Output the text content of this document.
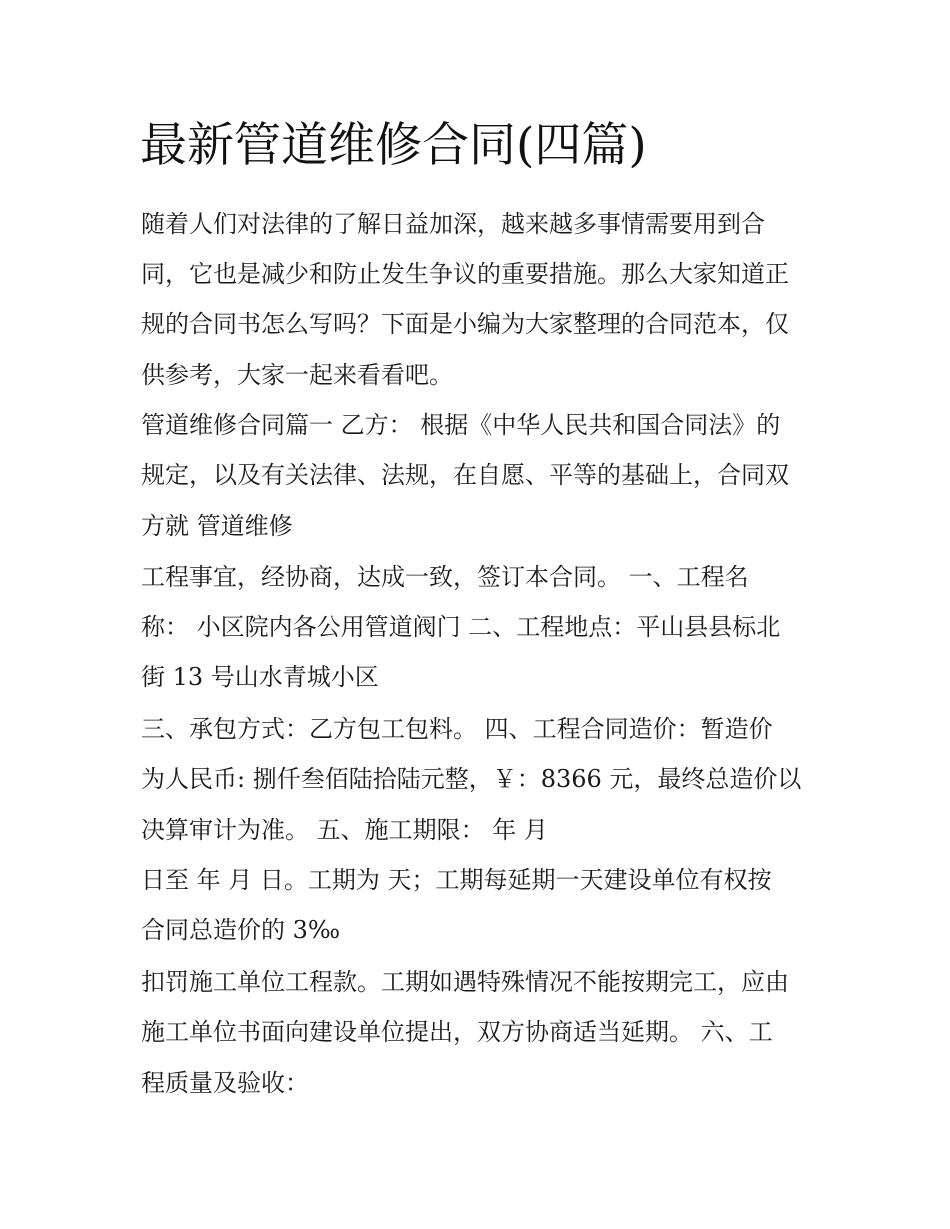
最新管道维修合同(四篇)

随着人们对法律的了解日益加深，越来越多事情需要用到合

同，它也是减少和防止发生争议的重要措施。那么大家知道正

规的合同书怎么写吗？下面是小编为大家整理的合同范本，仅

供参考，大家一起来看看吧。

管道维修合同篇一 乙方： 根据《中华人民共和国合同法》的

规定，以及有关法律、法规，在自愿、平等的基础上，合同双

方就 管道维修

工程事宜，经协商，达成一致，签订本合同。 一、工程名

称： 小区院内各公用管道阀门 二、工程地点：平山县县标北

街 13 号山水青城小区

三、承包方式：乙方包工包料。 四、工程合同造价：暂造价

为人民币: 捌仟叁佰陆拾陆元整，￥：8366 元，最终总造价以

决算审计为准。 五、施工期限： 年 月

日至 年 月 日。工期为 天；工期每延期一天建设单位有权按

合同总造价的 3‰

扣罚施工单位工程款。工期如遇特殊情况不能按期完工，应由

施工单位书面向建设单位提出，双方协商适当延期。 六、工

程质量及验收：
